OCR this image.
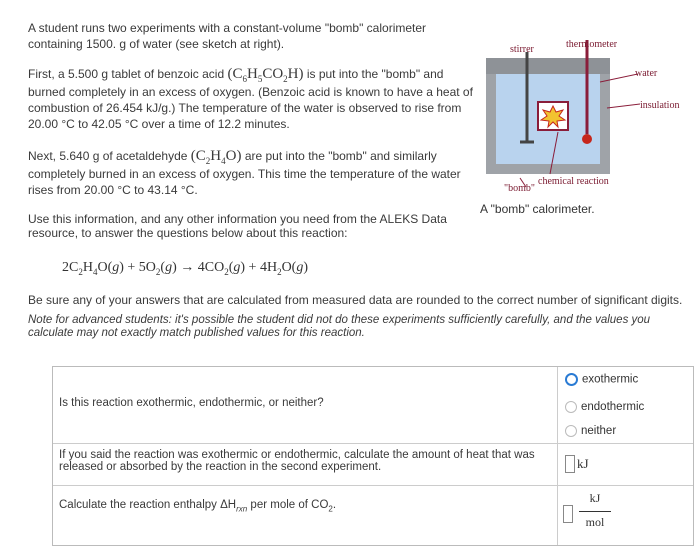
A student runs two experiments with a constant-volume "bomb" calorimeter
containing 1500. g of water (see sketch at right).
First, a 5.500 g tablet of benzoic acid $(C_6H_5CO_2H)$ is put into the "bomb" and
burned completely in an excess of oxygen. (Benzoic acid is known to have a heat of
combustion of 26.454 kJ/g.) The temperature of the water is observed to rise from
20.00 °C to 42.05 °C over a time of 12.2 minutes.
Next, 5.640 g of acetaldehyde $(C_2H_4O)$ are put into the "bomb" and similarly
completely burned in an excess of oxygen. This time the temperature of the water
rises from 20.00 °C to 43.14 °C.
Use this information, and any other information you need from the ALEKS Data
resource, to answer the questions below about this reaction:
stirrer	thermometer
water
insulation
"bomb"
chemical reaction
A "bomb" calorimeter.
$2C_2H_4O(g) + 5O_2(g) \to 4CO_2(g) + 4H_2O(g)$
Be sure any of your answers that are calculated from measured data are rounded to the correct number of significant digits.
Note for advanced students: it's possible the student did not do these experiments sufficiently carefully, and the values you
calculate may not exactly match published values for this reaction.
Is this reaction exothermic, endothermic, or neither?
exothermic
endothermic
neither
If you said the reaction was exothermic or endothermic, calculate the amount of heat that was
released or absorbed by the reaction in the second experiment.	kJ
Calculate the reaction enthalpy $\Delta H_{rxn}$ per mole of $CO_2$.	kJ
mol
